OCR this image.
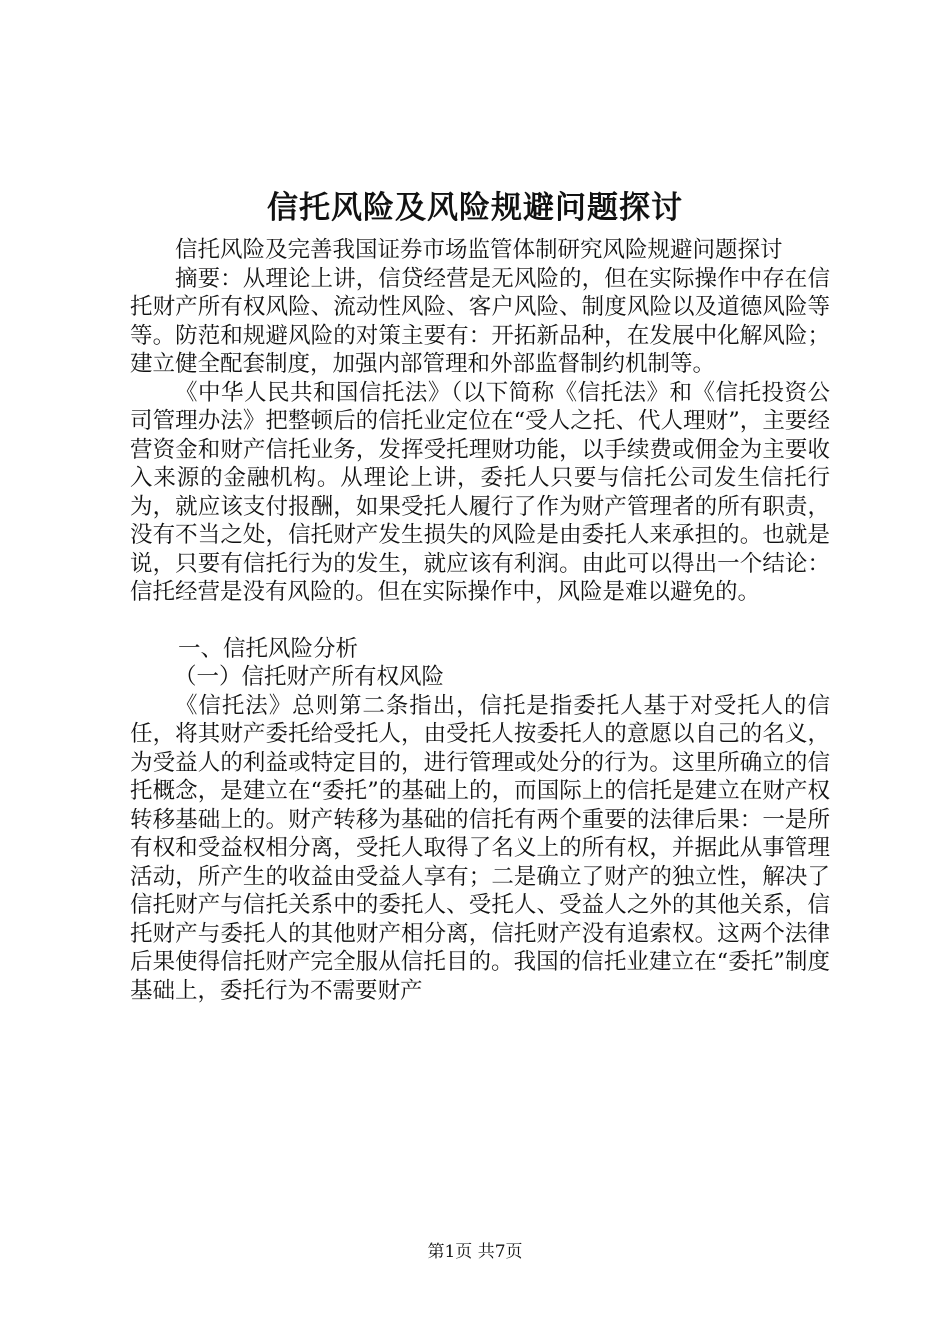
信托风险及风险规避问题探讨

信托风险及完善我国证券市场监管体制研究风险规避问题探讨

摘要：从理论上讲，信贷经营是无风险的，但在实际操作中存在信托财产所有权风险、流动性风险、客户风险、制度风险以及道德风险等等。防范和规避风险的对策主要有：开拓新品种，在发展中化解风险；建立健全配套制度，加强内部管理和外部监督制约机制等。

《中华人民共和国信托法》（以下简称《信托法》和《信托投资公司管理办法》把整顿后的信托业定位在“受人之托、代人理财”，主要经营资金和财产信托业务，发挥受托理财功能，以手续费或佣金为主要收入来源的金融机构。从理论上讲，委托人只要与信托公司发生信托行为，就应该支付报酬，如果受托人履行了作为财产管理者的所有职责，没有不当之处，信托财产发生损失的风险是由委托人来承担的。也就是说，只要有信托行为的发生，就应该有利润。由此可以得出一个结论：信托经营是没有风险的。但在实际操作中，风险是难以避免的。

一、信托风险分析

（一）信托财产所有权风险

《信托法》总则第二条指出，信托是指委托人基于对受托人的信任，将其财产委托给受托人，由受托人按委托人的意愿以自己的名义，为受益人的利益或特定目的，进行管理或处分的行为。这里所确立的信托概念，是建立在“委托”的基础上的，而国际上的信托是建立在财产权转移基础上的。财产转移为基础的信托有两个重要的法律后果：一是所有权和受益权相分离，受托人取得了名义上的所有权，并据此从事管理活动，所产生的收益由受益人享有；二是确立了财产的独立性，解决了信托财产与信托关系中的委托人、受托人、受益人之外的其他关系，信托财产与委托人的其他财产相分离，信托财产没有追索权。这两个法律后果使得信托财产完全服从信托目的。我国的信托业建立在“委托”制度基础上，委托行为不需要财产

第1页 共7页
